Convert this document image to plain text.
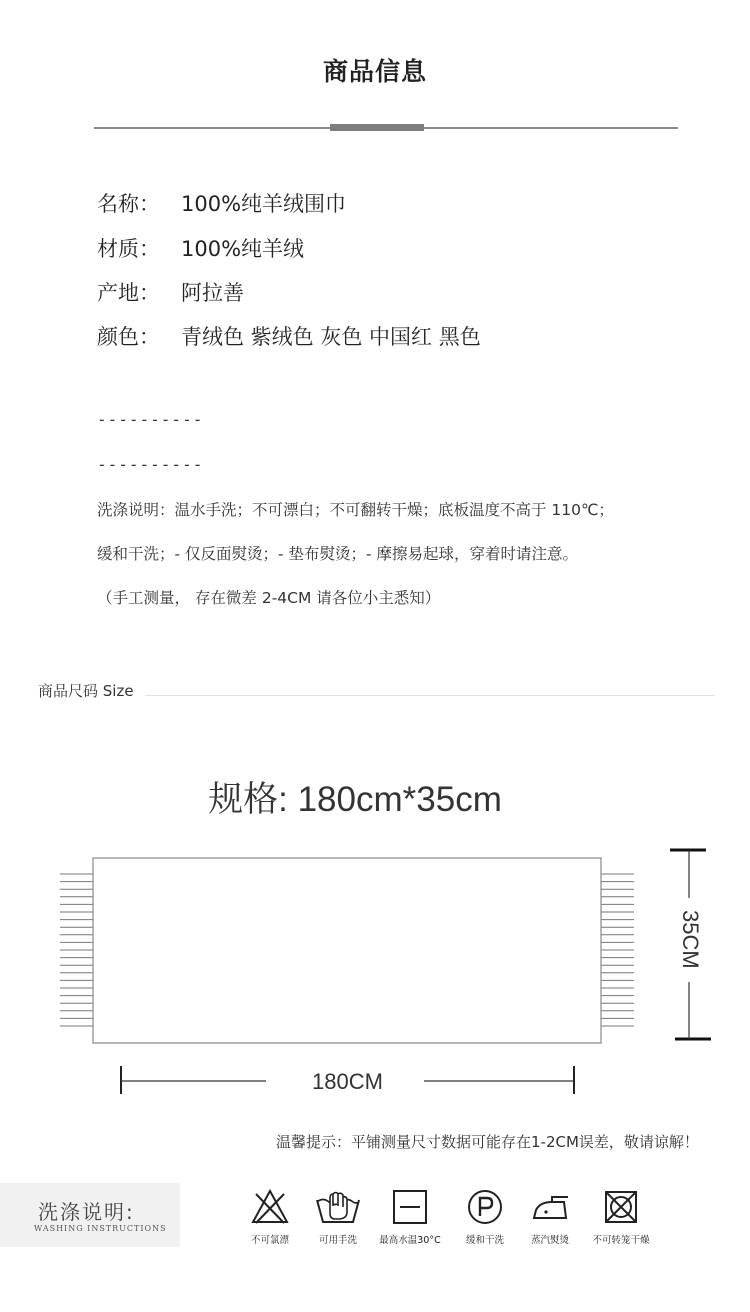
商品信息
名称： 100%纯羊绒围巾
材质： 100%纯羊绒
产地： 阿拉善
颜色： 青绒色 紫绒色 灰色 中国红 黑色
----------
----------
洗涤说明：温水手洗；不可漂白；不可翻转干燥；底板温度不高于 110℃；
缓和干洗；- 仅反面熨烫；- 垫布熨烫；- 摩擦易起球，穿着时请注意。
（手工测量， 存在微差 2-4CM 请各位小主悉知）
商品尺码 Size
规格: 180cm*35cm
180CM
35CM
温馨提示：平铺测量尺寸数据可能存在1-2CM误差，敬请谅解！
洗涤说明:
WASHING INSTRUCTIONS
不可氯漂	可用手洗	最高水温30°C	缓和干洗	蒸汽熨烫	不可转笼干燥
